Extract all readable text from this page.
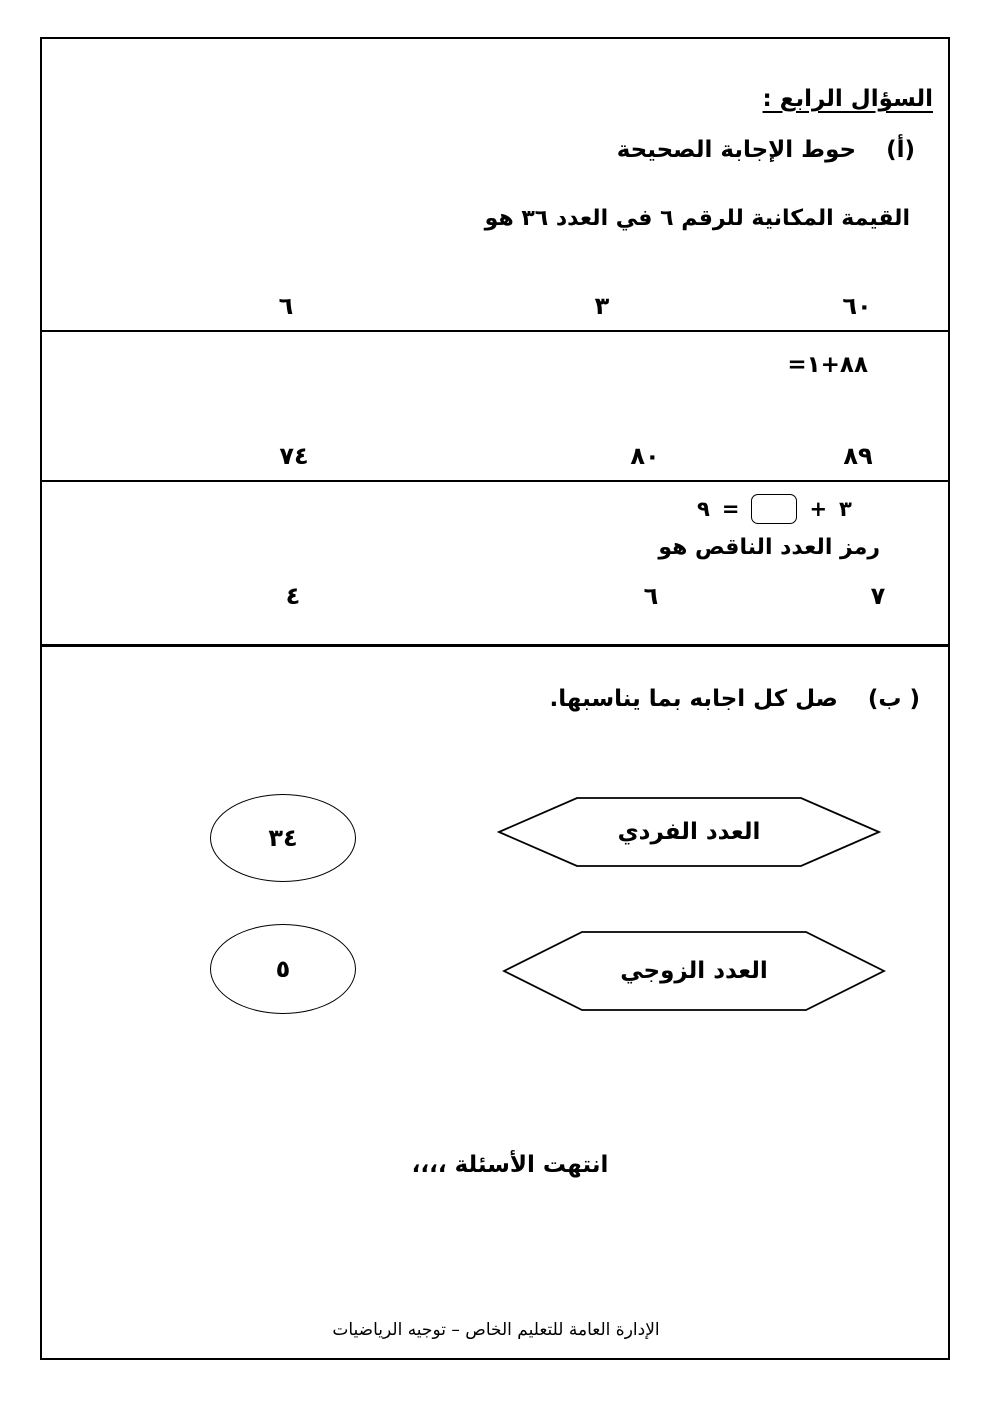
السؤال الرابع :
(أ)
حوط الإجابة الصحيحة
القيمة المكانية للرقم ٦ في العدد ٣٦ هو
٦٠
٣
٦
٨٨+١=
٨٩
٨٠
٧٤
٩ =	+ ٣
رمز العدد الناقص هو
٧
٦
٤
( ب)
صل كل اجابه بما يناسبها.
العدد الفردي
٣٤
العدد الزوجي
٥
انتهت الأسئلة ،،،،
الإدارة العامة للتعليم الخاص – توجيه الرياضيات
